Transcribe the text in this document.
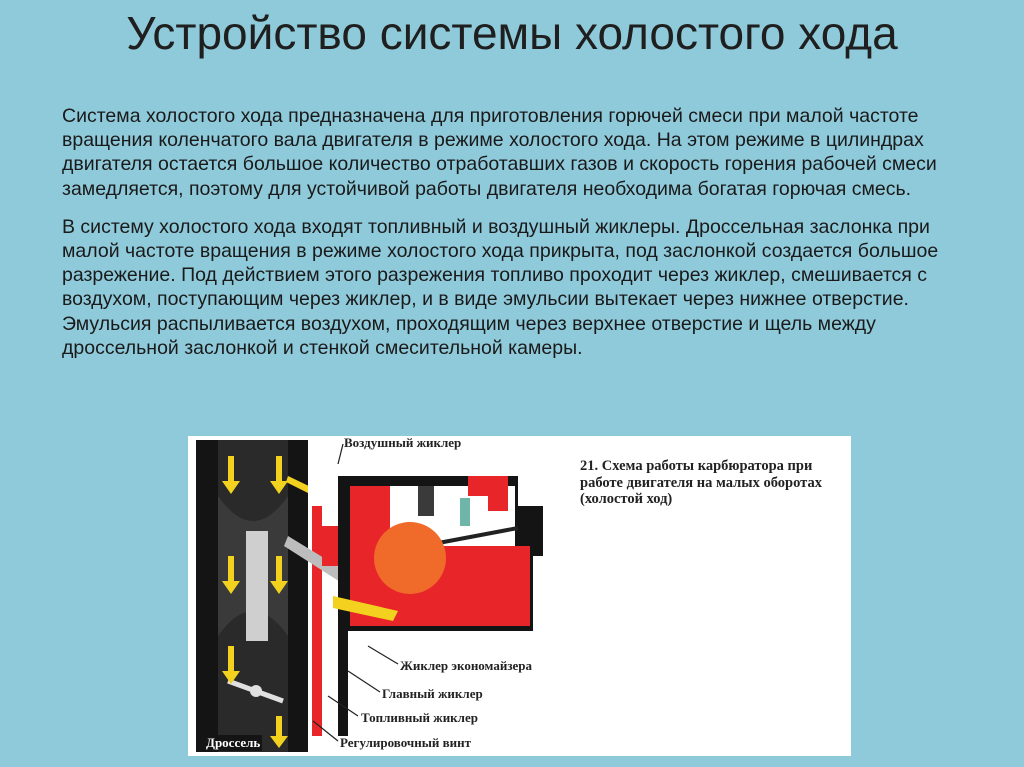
Устройство системы холостого хода

Система холостого хода предназначена для приготовления горючей смеси при малой частоте вращения коленчатого вала двигателя в режиме холостого хода. На этом режиме в цилиндрах двигателя остается большое количество отработавших газов и скорость горения рабочей смеси замедляется, поэтому для устойчивой работы двигателя необходима богатая горючая смесь.

В систему холостого хода входят топливный и воздушный жиклеры. Дроссельная заслонка при малой частоте вращения в режиме холостого хода прикрыта, под заслонкой создается большое разрежение. Под действием этого разрежения топливо проходит через жиклер, смешивается с воздухом, поступающим через жиклер, и в виде эмульсии вытекает через нижнее отверстие. Эмульсия распыливается воздухом, проходящим через верхнее отверстие и щель между дроссельной заслонкой и стенкой смесительной камеры.

21. Схема работы карбюратора при работе двигателя на малых оборотах (холостой ход)
Воздушный жиклер
Жиклер экономайзера
Главный жиклер
Топливный жиклер
Регулировочный винт
Дроссель
